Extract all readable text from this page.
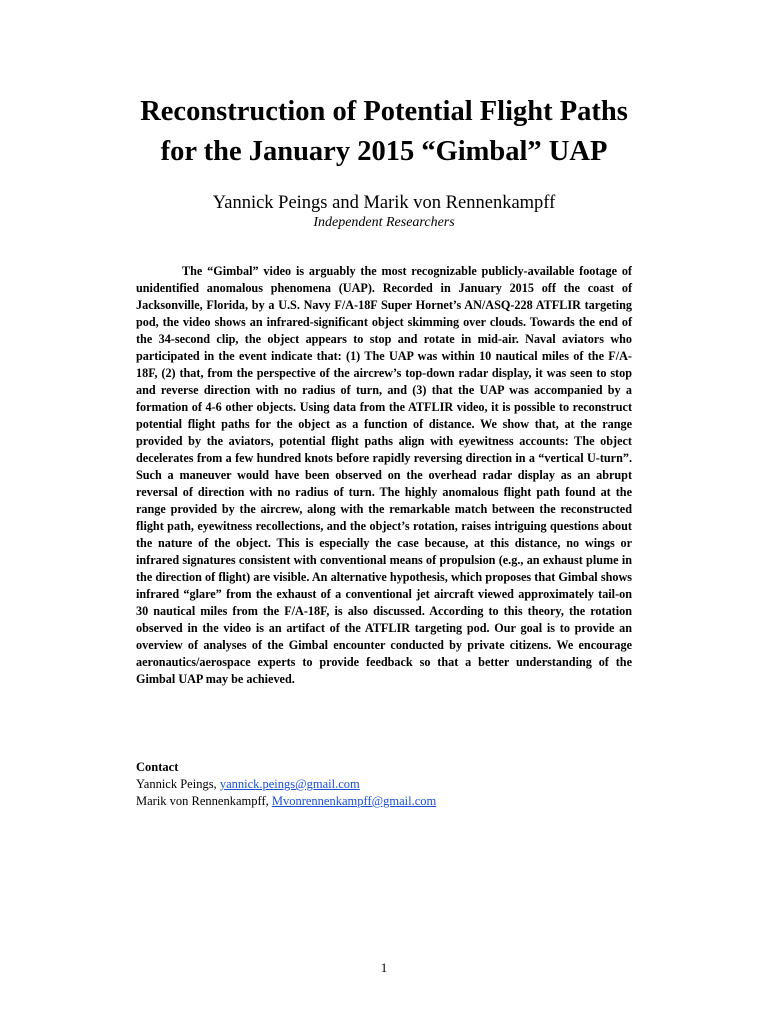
Reconstruction of Potential Flight Paths
for the January 2015 “Gimbal” UAP

Yannick Peings and Marik von Rennenkampff

Independent Researchers

The “Gimbal” video is arguably the most recognizable publicly-available footage of unidentified anomalous phenomena (UAP). Recorded in January 2015 off the coast of Jacksonville, Florida, by a U.S. Navy F/A-18F Super Hornet’s AN/ASQ-228 ATFLIR targeting pod, the video shows an infrared-significant object skimming over clouds. Towards the end of the 34-second clip, the object appears to stop and rotate in mid-air. Naval aviators who participated in the event indicate that: (1) The UAP was within 10 nautical miles of the F/A-18F, (2) that, from the perspective of the aircrew’s top-down radar display, it was seen to stop and reverse direction with no radius of turn, and (3) that the UAP was accompanied by a formation of 4-6 other objects. Using data from the ATFLIR video, it is possible to reconstruct potential flight paths for the object as a function of distance. We show that, at the range provided by the aviators, potential flight paths align with eyewitness accounts: The object decelerates from a few hundred knots before rapidly reversing direction in a “vertical U-turn”. Such a maneuver would have been observed on the overhead radar display as an abrupt reversal of direction with no radius of turn. The highly anomalous flight path found at the range provided by the aircrew, along with the remarkable match between the reconstructed flight path, eyewitness recollections, and the object’s rotation, raises intriguing questions about the nature of the object. This is especially the case because, at this distance, no wings or infrared signatures consistent with conventional means of propulsion (e.g., an exhaust plume in the direction of flight) are visible. An alternative hypothesis, which proposes that Gimbal shows infrared “glare” from the exhaust of a conventional jet aircraft viewed approximately tail-on 30 nautical miles from the F/A-18F, is also discussed. According to this theory, the rotation observed in the video is an artifact of the ATFLIR targeting pod. Our goal is to provide an overview of analyses of the Gimbal encounter conducted by private citizens. We encourage aeronautics/aerospace experts to provide feedback so that a better understanding of the Gimbal UAP may be achieved.

Contact

Yannick Peings, yannick.peings@gmail.com

Marik von Rennenkampff, Mvonrennenkampff@gmail.com

1
